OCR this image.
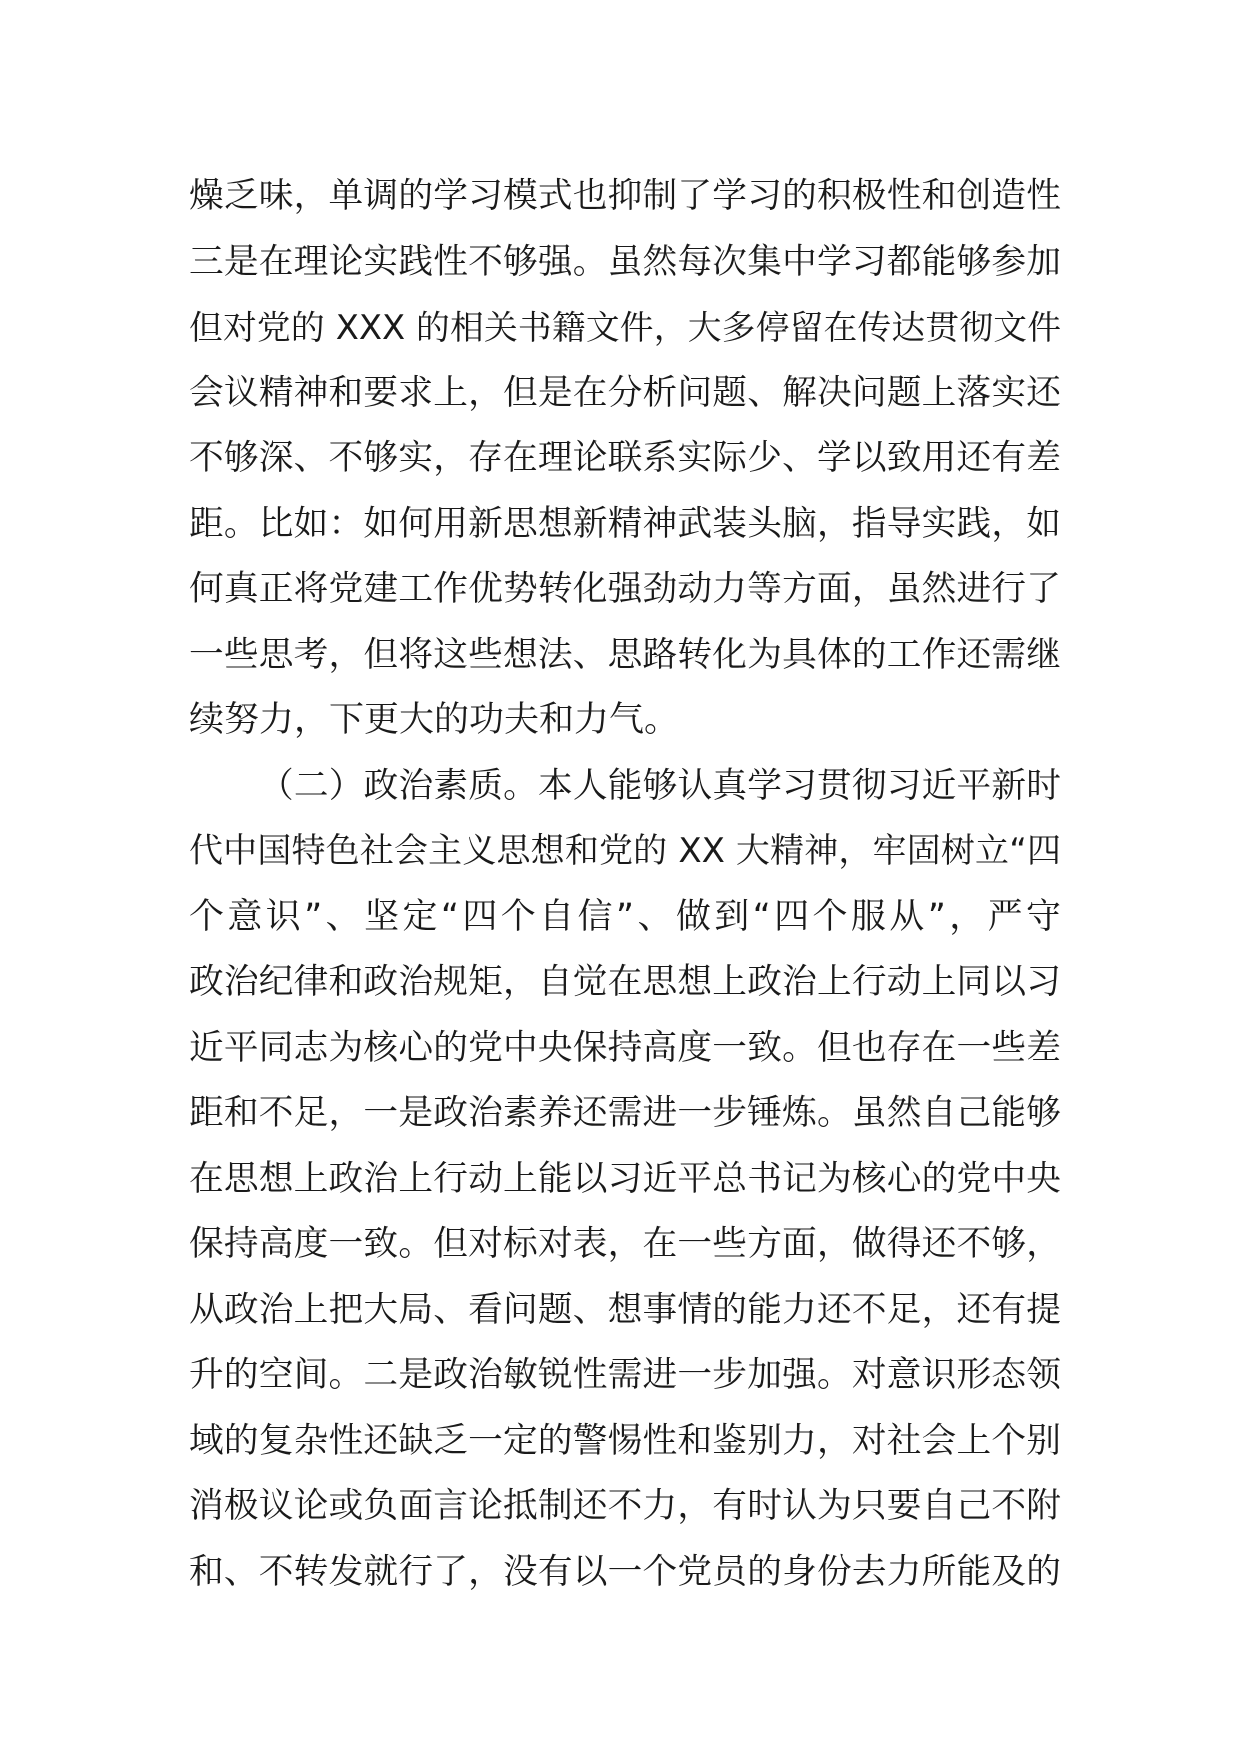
燥乏味，单调的学习模式也抑制了学习的积极性和创造性
三是在理论实践性不够强。虽然每次集中学习都能够参加
但对党的 XXX 的相关书籍文件，大多停留在传达贯彻文件
会议精神和要求上，但是在分析问题、解决问题上落实还
不够深、不够实，存在理论联系实际少、学以致用还有差
距。比如：如何用新思想新精神武装头脑，指导实践，如
何真正将党建工作优势转化强劲动力等方面，虽然进行了
一些思考，但将这些想法、思路转化为具体的工作还需继
续努力，下更大的功夫和力气。
（二）政治素质。本人能够认真学习贯彻习近平新时
代中国特色社会主义思想和党的 XX 大精神，牢固树立“四
个意识”、坚定“四个自信”、做到“四个服从”，严守
政治纪律和政治规矩，自觉在思想上政治上行动上同以习
近平同志为核心的党中央保持高度一致。但也存在一些差
距和不足，一是政治素养还需进一步锤炼。虽然自己能够
在思想上政治上行动上能以习近平总书记为核心的党中央
保持高度一致。但对标对表，在一些方面，做得还不够，
从政治上把大局、看问题、想事情的能力还不足，还有提
升的空间。二是政治敏锐性需进一步加强。对意识形态领
域的复杂性还缺乏一定的警惕性和鉴别力，对社会上个别
消极议论或负面言论抵制还不力，有时认为只要自己不附
和、不转发就行了，没有以一个党员的身份去力所能及的
